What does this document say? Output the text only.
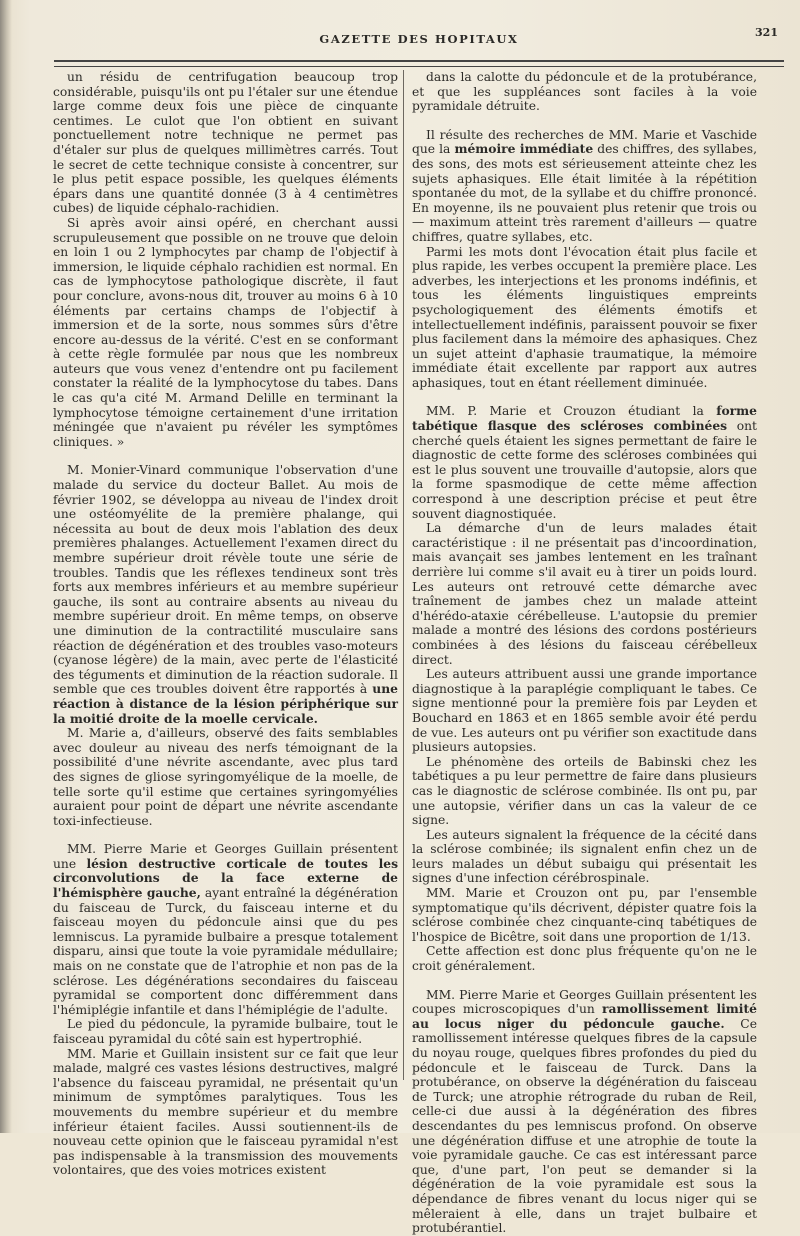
GAZETTE DES HOPITAUX	321

un résidu de centrifugation beaucoup trop considérable, puisqu'ils ont pu l'étaler sur une étendue large comme deux fois une pièce de cinquante centimes. Le culot que l'on obtient en suivant ponctuellement notre technique ne permet pas d'étaler sur plus de quelques millimètres carrés. Tout le secret de cette technique consiste à concentrer, sur le plus petit espace possible, les quelques éléments épars dans une quantité donnée (3 à 4 centimètres cubes) de liquide céphalo-rachidien.

Si après avoir ainsi opéré, en cherchant aussi scrupuleusement que possible on ne trouve que deloin en loin 1 ou 2 lymphocytes par champ de l'objectif à immersion, le liquide céphalo rachidien est normal. En cas de lymphocytose pathologique discrète, il faut pour conclure, avons-nous dit, trouver au moins 6 à 10 éléments par certains champs de l'objectif à immersion et de la sorte, nous sommes sûrs d'être encore au-dessus de la vérité. C'est en se conformant à cette règle formulée par nous que les nombreux auteurs que vous venez d'entendre ont pu facilement constater la réalité de la lymphocytose du tabes. Dans le cas qu'a cité M. Armand Delille en terminant la lymphocytose témoigne certainement d'une irritation méningée que n'avaient pu révéler les symptômes cliniques. »

M. Monier-Vinard communique l'observation d'une malade du service du docteur Ballet. Au mois de février 1902, se développa au niveau de l'index droit une ostéomyélite de la première phalange, qui nécessita au bout de deux mois l'ablation des deux premières phalanges. Actuellement l'examen direct du membre supérieur droit révèle toute une série de troubles. Tandis que les réflexes tendineux sont très forts aux membres inférieurs et au membre supérieur gauche, ils sont au contraire absents au niveau du membre supérieur droit. En même temps, on observe une diminution de la contractilité musculaire sans réaction de dégénération et des troubles vaso-moteurs (cyanose légère) de la main, avec perte de l'élasticité des téguments et diminution de la réaction sudorale. Il semble que ces troubles doivent être rapportés à une réaction à distance de la lésion périphérique sur la moitié droite de la moelle cervicale.

M. Marie a, d'ailleurs, observé des faits semblables avec douleur au niveau des nerfs témoignant de la possibilité d'une névrite ascendante, avec plus tard des signes de gliose syringomyélique de la moelle, de telle sorte qu'il estime que certaines syringomyélies auraient pour point de départ une névrite ascendante toxi-infectieuse.

MM. Pierre Marie et Georges Guillain présentent une lésion destructive corticale de toutes les circonvolutions de la face externe de l'hémisphère gauche, ayant entraîné la dégénération du faisceau de Turck, du faisceau interne et du faisceau moyen du pédoncule ainsi que du pes lemniscus. La pyramide bulbaire a presque totalement disparu, ainsi que toute la voie pyramidale médullaire; mais on ne constate que de l'atrophie et non pas de la sclérose. Les dégénérations secondaires du faisceau pyramidal se comportent donc différemment dans l'hémiplégie infantile et dans l'hémiplégie de l'adulte.

Le pied du pédoncule, la pyramide bulbaire, tout le faisceau pyramidal du côté sain est hypertrophié.

MM. Marie et Guillain insistent sur ce fait que leur malade, malgré ces vastes lésions destructives, malgré l'absence du faisceau pyramidal, ne présentait qu'un minimum de symptômes paralytiques. Tous les mouvements du membre supérieur et du membre inférieur étaient faciles. Aussi soutiennent-ils de nouveau cette opinion que le faisceau pyramidal n'est pas indispensable à la transmission des mouvements volontaires, que des voies motrices existent

dans la calotte du pédoncule et de la protubérance, et que les suppléances sont faciles à la voie pyramidale détruite.

Il résulte des recherches de MM. Marie et Vaschide que la mémoire immédiate des chiffres, des syllabes, des sons, des mots est sérieusement atteinte chez les sujets aphasiques. Elle était limitée à la répétition spontanée du mot, de la syllabe et du chiffre prononcé. En moyenne, ils ne pouvaient plus retenir que trois ou — maximum atteint très rarement d'ailleurs — quatre chiffres, quatre syllabes, etc.

Parmi les mots dont l'évocation était plus facile et plus rapide, les verbes occupent la première place. Les adverbes, les interjections et les pronoms indéfinis, et tous les éléments linguistiques empreints psychologiquement des éléments émotifs et intellectuellement indéfinis, paraissent pouvoir se fixer plus facilement dans la mémoire des aphasiques. Chez un sujet atteint d'aphasie traumatique, la mémoire immédiate était excellente par rapport aux autres aphasiques, tout en étant réellement diminuée.

MM. P. Marie et Crouzon étudiant la forme tabétique flasque des scléroses combinées ont cherché quels étaient les signes permettant de faire le diagnostic de cette forme des scléroses combinées qui est le plus souvent une trouvaille d'autopsie, alors que la forme spasmodique de cette même affection correspond à une description précise et peut être souvent diagnostiquée.

La démarche d'un de leurs malades était caractéristique : il ne présentait pas d'incoordination, mais avançait ses jambes lentement en les traînant derrière lui comme s'il avait eu à tirer un poids lourd. Les auteurs ont retrouvé cette démarche avec traînement de jambes chez un malade atteint d'hérédo-ataxie cérébelleuse. L'autopsie du premier malade a montré des lésions des cordons postérieurs combinées à des lésions du faisceau cérébelleux direct.

Les auteurs attribuent aussi une grande importance diagnostique à la paraplégie compliquant le tabes. Ce signe mentionné pour la première fois par Leyden et Bouchard en 1863 et en 1865 semble avoir été perdu de vue. Les auteurs ont pu vérifier son exactitude dans plusieurs autopsies.

Le phénomène des orteils de Babinski chez les tabétiques a pu leur permettre de faire dans plusieurs cas le diagnostic de sclérose combinée. Ils ont pu, par une autopsie, vérifier dans un cas la valeur de ce signe.

Les auteurs signalent la fréquence de la cécité dans la sclérose combinée; ils signalent enfin chez un de leurs malades un début subaigu qui présentait les signes d'une infection cérébrospinale.

MM. Marie et Crouzon ont pu, par l'ensemble symptomatique qu'ils décrivent, dépister quatre fois la sclérose combinée chez cinquante-cinq tabétiques de l'hospice de Bicêtre, soit dans une proportion de 1/13.

Cette affection est donc plus fréquente qu'on ne le croit généralement.

MM. Pierre Marie et Georges Guillain présentent les coupes microscopiques d'un ramollissement limité au locus niger du pédoncule gauche. Ce ramollissement intéresse quelques fibres de la capsule du noyau rouge, quelques fibres profondes du pied du pédoncule et le faisceau de Turck. Dans la protubérance, on observe la dégénération du faisceau de Turck; une atrophie rétrograde du ruban de Reil, celle-ci due aussi à la dégénération des fibres descendantes du pes lemniscus profond. On observe une dégénération diffuse et une atrophie de toute la voie pyramidale gauche. Ce cas est intéressant parce que, d'une part, l'on peut se demander si la dégénération de la voie pyramidale est sous la dépendance de fibres venant du locus niger qui se mêleraient à elle, dans un trajet bulbaire et protubérantiel.
